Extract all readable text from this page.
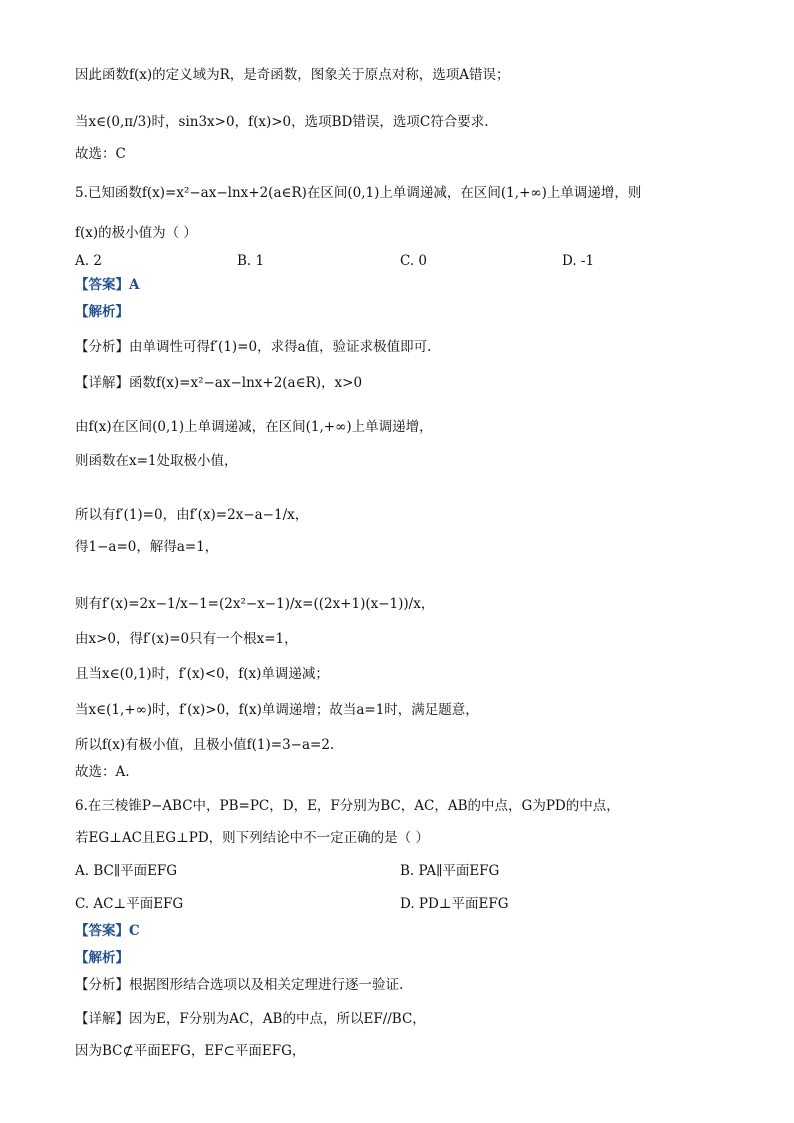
因此函数f(x)的定义域为R，是奇函数，图象关于原点对称，选项A错误；
当x∈(0,π/3)时，sin3x>0，f(x)>0，选项BD错误，选项C符合要求.
故选：C
5.已知函数f(x)=x²−ax−lnx+2(a∈R)在区间(0,1)上单调递减，在区间(1,+∞)上单调递增，则
f(x)的极小值为（ ）
A. 2	B. 1	C. 0	D. -1
【答案】A
【解析】
【分析】由单调性可得f′(1)=0，求得a值，验证求极值即可.
【详解】函数f(x)=x²−ax−lnx+2(a∈R)，x>0
由f(x)在区间(0,1)上单调递减，在区间(1,+∞)上单调递增，
则函数在x=1处取极小值，
所以有f′(1)=0，由f′(x)=2x−a−1/x，
得1−a=0，解得a=1，
则有f′(x)=2x−1/x−1=(2x²−x−1)/x=((2x+1)(x−1))/x，
由x>0，得f′(x)=0只有一个根x=1，
且当x∈(0,1)时，f′(x)<0，f(x)单调递减；
当x∈(1,+∞)时，f′(x)>0，f(x)单调递增；故当a=1时，满足题意，
所以f(x)有极小值，且极小值f(1)=3−a=2.
故选：A.
6.在三棱锥P−ABC中，PB=PC，D，E，F分别为BC，AC，AB的中点，G为PD的中点，
若EG⊥AC且EG⊥PD，则下列结论中不一定正确的是（ ）
A. BC∥平面EFG	B. PA∥平面EFG
C. AC⊥平面EFG	D. PD⊥平面EFG
【答案】C
【解析】
【分析】根据图形结合选项以及相关定理进行逐一验证.
【详解】因为E，F分别为AC，AB的中点，所以EF//BC，
因为BC⊄平面EFG，EF⊂平面EFG，
